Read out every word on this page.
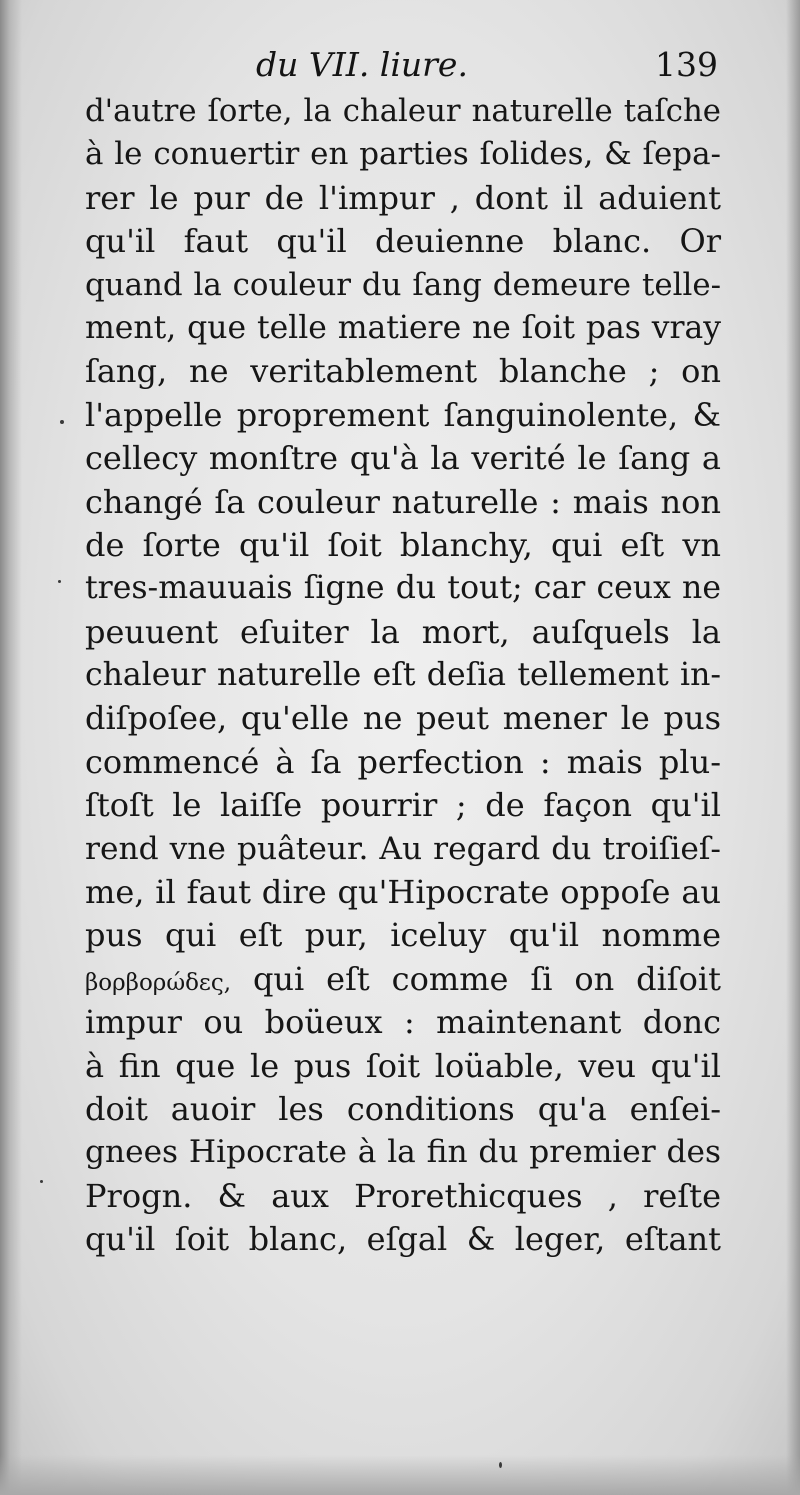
du VII. liure.	139
d'autre ſorte, la chaleur naturelle taſche
à le conuertir en parties ſolides, & ſepa-
rer le pur de l'impur , dont il aduient
qu'il faut qu'il deuienne blanc. Or
quand la couleur du ſang demeure telle-
ment, que telle matiere ne ſoit pas vray
ſang, ne veritablement blanche ; on
l'appelle proprement ſanguinolente, &
cellecy monſtre qu'à la verité le ſang a
changé ſa couleur naturelle : mais non
de ſorte qu'il ſoit blanchy, qui eſt vn
tres-mauuais ſigne du tout; car ceux ne
peuuent eſuiter la mort, auſquels la
chaleur naturelle eſt deſia tellement in-
diſpoſee, qu'elle ne peut mener le pus
commencé à ſa perfection : mais plu-
ſtoſt le laiſſe pourrir ; de façon qu'il
rend vne puâteur. Au regard du troiſieſ-
me, il faut dire qu'Hipocrate oppoſe au
pus qui eſt pur, iceluy qu'il nomme
βορβορώδες, qui eſt comme ſi on diſoit
impur ou boüeux : maintenant donc
à fin que le pus ſoit loüable, veu qu'il
doit auoir les conditions qu'a enſei-
gnees Hipocrate à la fin du premier des
Progn. & aux Prorethicques , reſte
qu'il ſoit blanc, eſgal & leger, eſtant
